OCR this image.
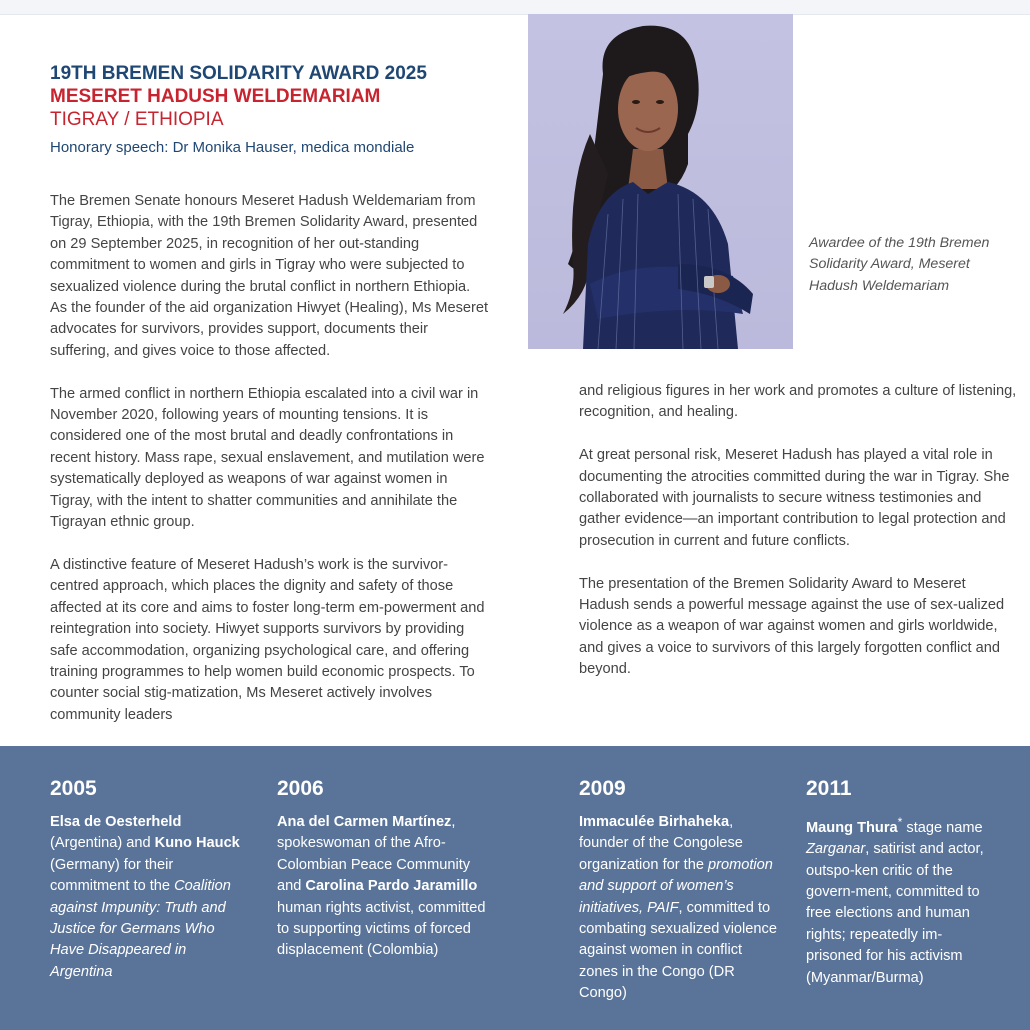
19TH BREMEN SOLIDARITY AWARD 2025
MESERET HADUSH WELDEMARIAM
TIGRAY / ETHIOPIA
Honorary speech: Dr Monika Hauser, medica mondiale

The Bremen Senate honours Meseret Hadush Weldemariam from Tigray, Ethiopia, with the 19th Bremen Solidarity Award, presented on 29 September 2025, in recognition of her out-standing commitment to women and girls in Tigray who were subjected to sexualized violence during the brutal conflict in northern Ethiopia. As the founder of the aid organization Hiwyet (Healing), Ms Meseret advocates for survivors, provides support, documents their suffering, and gives voice to those affected.

The armed conflict in northern Ethiopia escalated into a civil war in November 2020, following years of mounting tensions. It is considered one of the most brutal and deadly confrontations in recent history. Mass rape, sexual enslavement, and mutilation were systematically deployed as weapons of war against women in Tigray, with the intent to shatter communities and annihilate the Tigrayan ethnic group.

A distinctive feature of Meseret Hadush’s work is the survivor-centred approach, which places the dignity and safety of those affected at its core and aims to foster long-term em-powerment and reintegration into society. Hiwyet supports survivors by providing safe accommodation, organizing psychological care, and offering training programmes to help women build economic prospects. To counter social stig-matization, Ms Meseret actively involves community leaders

Awardee of the 19th Bremen Solidarity Award, Meseret Hadush Weldemariam

and religious figures in her work and promotes a culture of listening, recognition, and healing.

At great personal risk, Meseret Hadush has played a vital role in documenting the atrocities committed during the war in Tigray. She collaborated with journalists to secure witness testimonies and gather evidence—an important contribution to legal protection and prosecution in current and future conflicts.

The presentation of the Bremen Solidarity Award to Meseret Hadush sends a powerful message against the use of sex-ualized violence as a weapon of war against women and girls worldwide, and gives a voice to survivors of this largely forgotten conflict and beyond.

2005
Elsa de Oesterheld (Argentina) and Kuno Hauck (Germany) for their commitment to the Coalition against Impunity: Truth and Justice for Germans Who Have Disappeared in Argentina
2006
Ana del Carmen Martínez, spokeswoman of the Afro-Colombian Peace Community and Carolina Pardo Jaramillo human rights activist, committed to supporting victims of forced displacement (Colombia)
2009
Immaculée Birhaheka, founder of the Congolese organization for the promotion and support of women’s initiatives, PAIF, committed to combating sexualized violence against women in conflict zones in the Congo (DR Congo)
2011
Maung Thura* stage name Zarganar, satirist and actor, outspo-ken critic of the govern-ment, committed to free elections and human rights; repeatedly im-prisoned for his activism (Myanmar/Burma)
